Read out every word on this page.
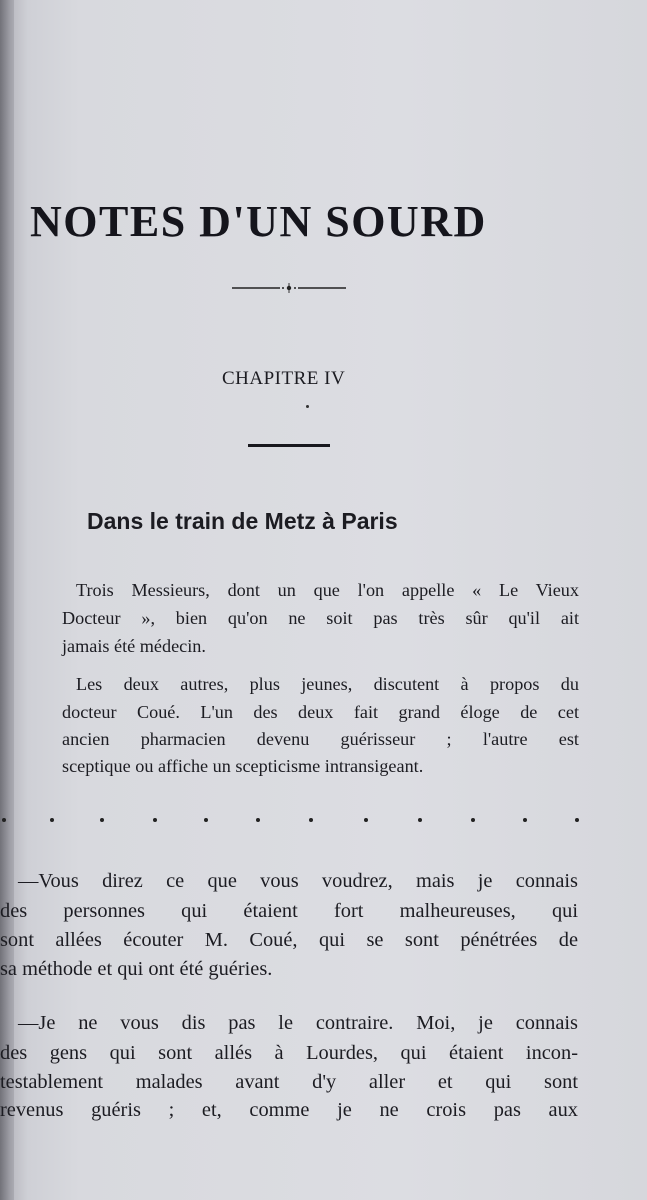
NOTES D'UN SOURD
CHAPITRE IV
Dans le train de Metz à Paris
Trois Messieurs, dont un que l'on appelle « Le Vieux
Docteur », bien qu'on ne soit pas très sûr qu'il ait
jamais été médecin.
Les deux autres, plus jeunes, discutent à propos du
docteur Coué. L'un des deux fait grand éloge de cet
ancien pharmacien devenu guérisseur ; l'autre est
sceptique ou affiche un scepticisme intransigeant.
—Vous direz ce que vous voudrez, mais je connais
des personnes qui étaient fort malheureuses, qui
sont allées écouter M. Coué, qui se sont pénétrées de
sa méthode et qui ont été guéries.
—Je ne vous dis pas le contraire. Moi, je connais
des gens qui sont allés à Lourdes, qui étaient incon-
testablement malades avant d'y aller et qui sont
revenus guéris ; et, comme je ne crois pas aux
